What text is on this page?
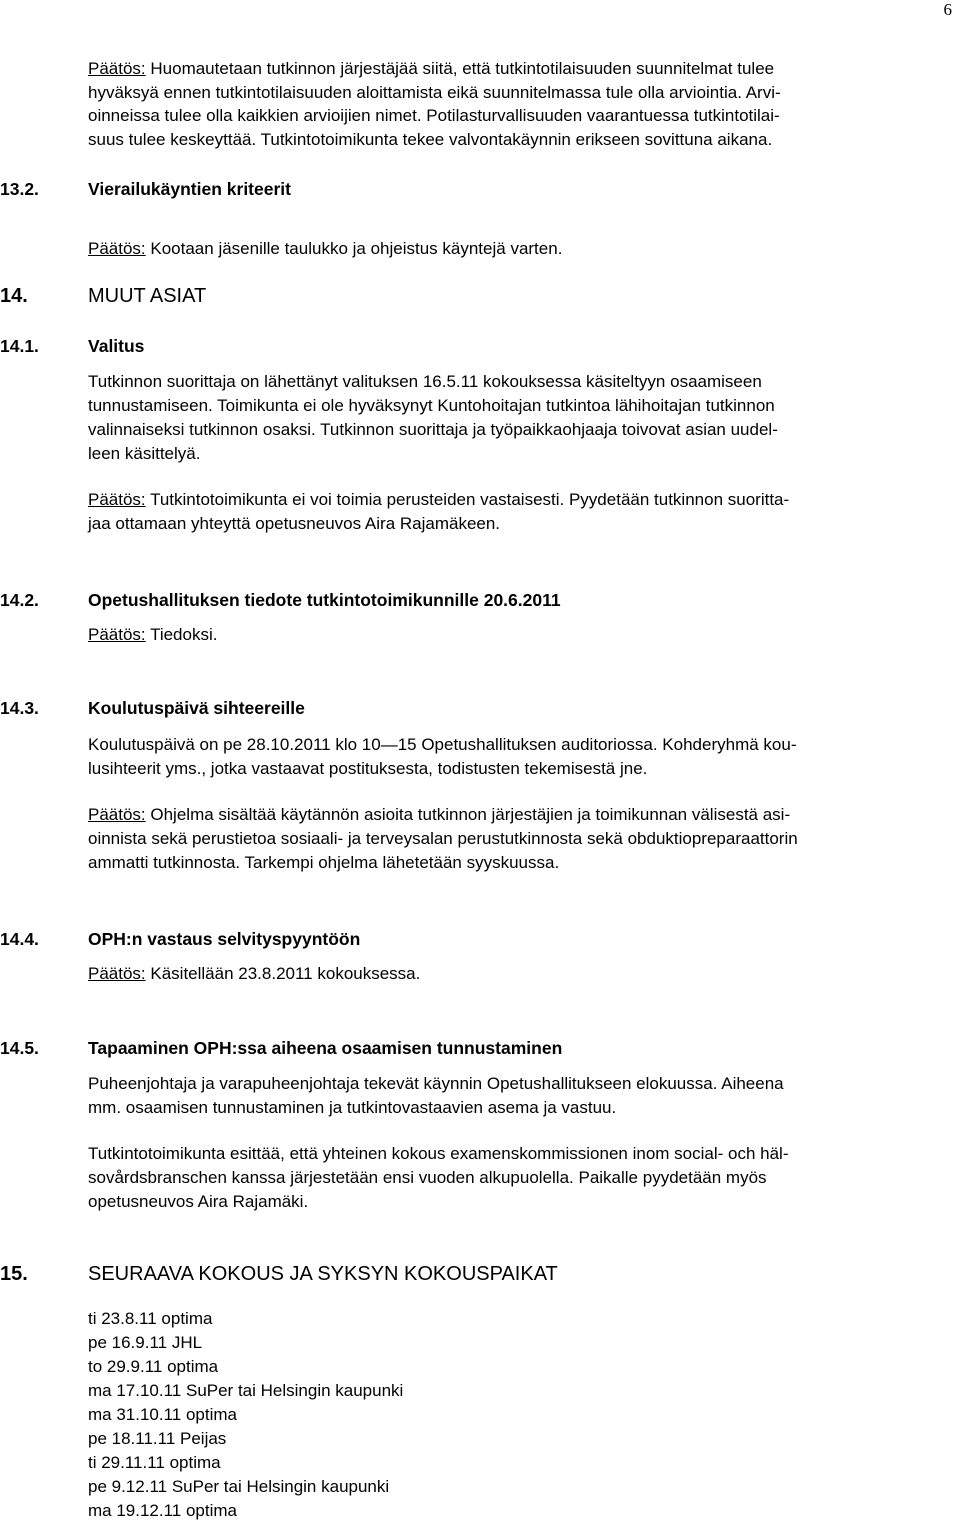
6
Päätös: Huomautetaan tutkinnon järjestäjää siitä, että tutkintotilaisuuden suunnitelmat tulee
hyväksyä ennen tutkintotilaisuuden aloittamista eikä suunnitelmassa tule olla arviointia. Arvi-
oinneissa tulee olla kaikkien arvioijien nimet. Potilasturvallisuuden vaarantuessa tutkintotilai-
suus tulee keskeyttää. Tutkintotoimikunta tekee valvontakäynnin erikseen sovittuna aikana.
13.2.	Vierailukäyntien kriteerit
Päätös: Kootaan jäsenille taulukko ja ohjeistus käyntejä varten.
14.	MUUT ASIAT
14.1.	Valitus
Tutkinnon suorittaja on lähettänyt valituksen 16.5.11 kokouksessa käsiteltyyn osaamiseen
tunnustamiseen. Toimikunta ei ole hyväksynyt Kuntohoitajan tutkintoa lähihoitajan tutkinnon
valinnaiseksi tutkinnon osaksi. Tutkinnon suorittaja ja työpaikkaohjaaja toivovat asian uudel-
leen käsittelyä.
Päätös: Tutkintotoimikunta ei voi toimia perusteiden vastaisesti. Pyydetään tutkinnon suoritta-
jaa ottamaan yhteyttä opetusneuvos Aira Rajamäkeen.
14.2.	Opetushallituksen tiedote tutkintotoimikunnille 20.6.2011
Päätös: Tiedoksi.
14.3.	Koulutuspäivä sihteereille
Koulutuspäivä on pe 28.10.2011 klo 10—15 Opetushallituksen auditoriossa. Kohderyhmä kou-
lusihteerit yms., jotka vastaavat postituksesta, todistusten tekemisestä jne.
Päätös: Ohjelma sisältää käytännön asioita tutkinnon järjestäjien ja toimikunnan välisestä asi-
oinnista sekä perustietoa sosiaali- ja terveysalan perustutkinnosta sekä obduktiopreparaattorin
ammatti tutkinnosta. Tarkempi ohjelma lähetetään syyskuussa.
14.4.	OPH:n vastaus selvityspyyntöön
Päätös: Käsitellään 23.8.2011 kokouksessa.
14.5.	Tapaaminen OPH:ssa aiheena osaamisen tunnustaminen
Puheenjohtaja ja varapuheenjohtaja tekevät käynnin Opetushallitukseen elokuussa. Aiheena
mm. osaamisen tunnustaminen ja tutkintovastaavien asema ja vastuu.
Tutkintotoimikunta esittää, että yhteinen kokous examenskommissionen inom social- och häl-
sovårdsbranschen kanssa järjestetään ensi vuoden alkupuolella. Paikalle pyydetään myös
opetusneuvos Aira Rajamäki.
15.	SEURAAVA KOKOUS JA SYKSYN KOKOUSPAIKAT
ti 23.8.11 optima
pe 16.9.11 JHL
to 29.9.11 optima
ma 17.10.11 SuPer tai Helsingin kaupunki
ma 31.10.11 optima
pe 18.11.11 Peijas
ti 29.11.11 optima
pe 9.12.11 SuPer tai Helsingin kaupunki
ma 19.12.11 optima
